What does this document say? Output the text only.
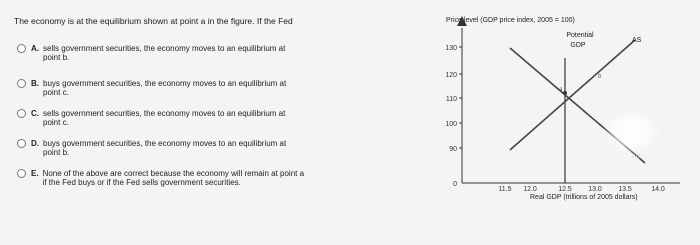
The economy is at the equilibrium shown at point a in the figure. If the Fed
A. sells government securities, the economy moves to an equilibrium at
point b.
B. buys government securities, the economy moves to an equilibrium at
point c.
C. sells government securities, the economy moves to an equilibrium at
point c.
D. buys government securities, the economy moves to an equilibrium at
point b.
E. None of the above are correct because the economy will remain at point a
if the Fed buys or if the Fed sells government securities.
Price level (GDP price index, 2005 = 100)
Real GDP (trillions of 2005 dollars)
130
120
110
100
90
0
11.5 12.0	12.5 13.0 13.5	14.0
Potential
GDP
AS
a
b
AD
